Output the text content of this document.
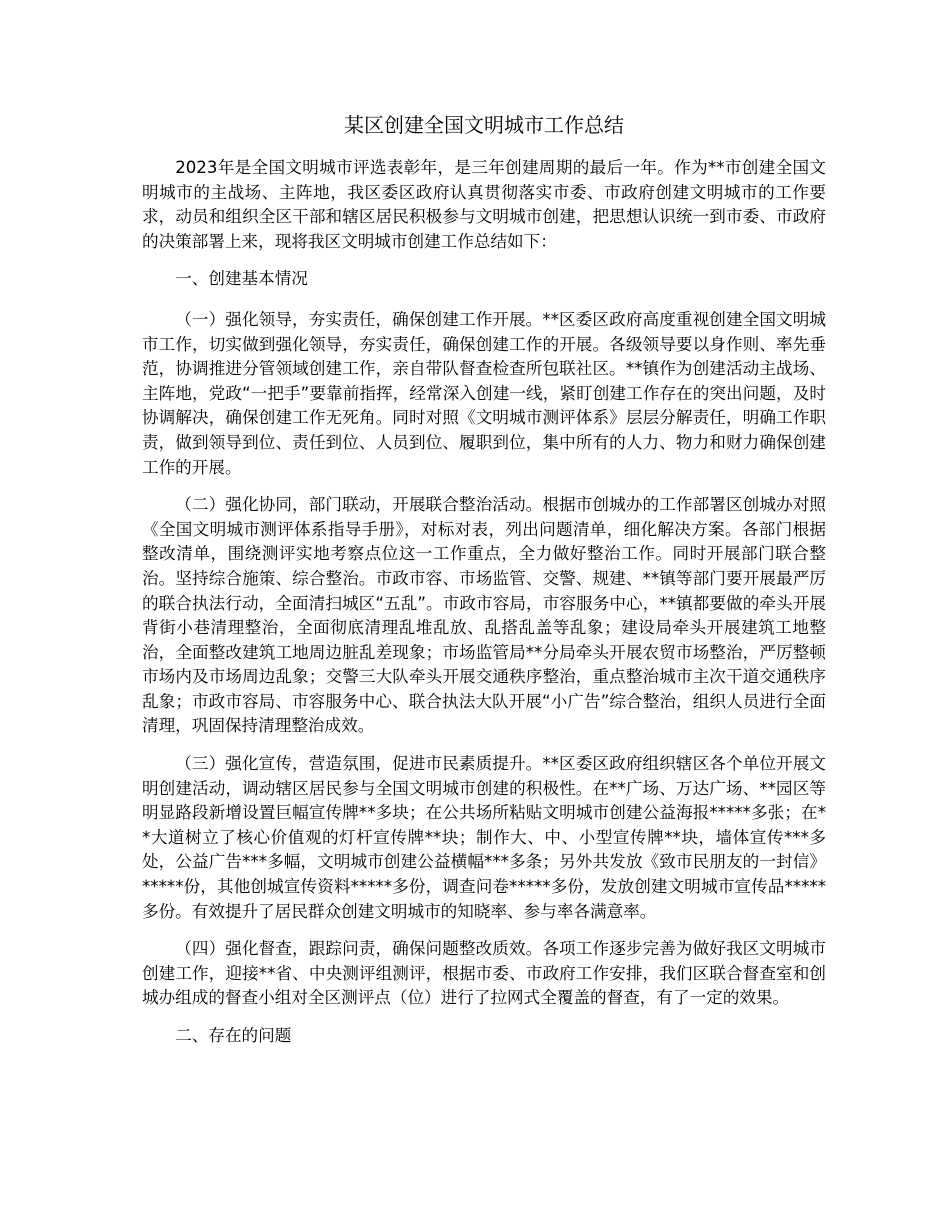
某区创建全国文明城市工作总结

2023年是全国文明城市评选表彰年，是三年创建周期的最后一年。作为**市创建全国文明城市的主战场、主阵地，我区委区政府认真贯彻落实市委、市政府创建文明城市的工作要求，动员和组织全区干部和辖区居民积极参与文明城市创建，把思想认识统一到市委、市政府的决策部署上来，现将我区文明城市创建工作总结如下：

一、创建基本情况

（一）强化领导，夯实责任，确保创建工作开展。**区委区政府高度重视创建全国文明城市工作，切实做到强化领导，夯实责任，确保创建工作的开展。各级领导要以身作则、率先垂范，协调推进分管领域创建工作，亲自带队督查检查所包联社区。**镇作为创建活动主战场、主阵地，党政“一把手”要靠前指挥，经常深入创建一线，紧盯创建工作存在的突出问题，及时协调解决，确保创建工作无死角。同时对照《文明城市测评体系》层层分解责任，明确工作职责，做到领导到位、责任到位、人员到位、履职到位，集中所有的人力、物力和财力确保创建工作的开展。

（二）强化协同，部门联动，开展联合整治活动。根据市创城办的工作部署区创城办对照《全国文明城市测评体系指导手册》，对标对表，列出问题清单，细化解决方案。各部门根据整改清单，围绕测评实地考察点位这一工作重点，全力做好整治工作。同时开展部门联合整治。坚持综合施策、综合整治。市政市容、市场监管、交警、规建、**镇等部门要开展最严厉的联合执法行动，全面清扫城区“五乱”。市政市容局，市容服务中心，**镇都要做的牵头开展背街小巷清理整治，全面彻底清理乱堆乱放、乱搭乱盖等乱象；建设局牵头开展建筑工地整治，全面整改建筑工地周边脏乱差现象；市场监管局**分局牵头开展农贸市场整治，严厉整顿市场内及市场周边乱象；交警三大队牵头开展交通秩序整治，重点整治城市主次干道交通秩序乱象；市政市容局、市容服务中心、联合执法大队开展“小广告”综合整治，组织人员进行全面清理，巩固保持清理整治成效。

（三）强化宣传，营造氛围，促进市民素质提升。**区委区政府组织辖区各个单位开展文明创建活动，调动辖区居民参与全国文明城市创建的积极性。在**广场、万达广场、**园区等明显路段新增设置巨幅宣传牌**多块；在公共场所粘贴文明城市创建公益海报*****多张；在**大道树立了核心价值观的灯杆宣传牌**块；制作大、中、小型宣传牌**块，墙体宣传***多处，公益广告***多幅，文明城市创建公益横幅***多条；另外共发放《致市民朋友的一封信》*****份，其他创城宣传资料*****多份，调查问卷*****多份，发放创建文明城市宣传品*****多份。有效提升了居民群众创建文明城市的知晓率、参与率各满意率。

（四）强化督查，跟踪问责，确保问题整改质效。各项工作逐步完善为做好我区文明城市创建工作，迎接**省、中央测评组测评，根据市委、市政府工作安排，我们区联合督查室和创城办组成的督查小组对全区测评点（位）进行了拉网式全覆盖的督查，有了一定的效果。

二、存在的问题
